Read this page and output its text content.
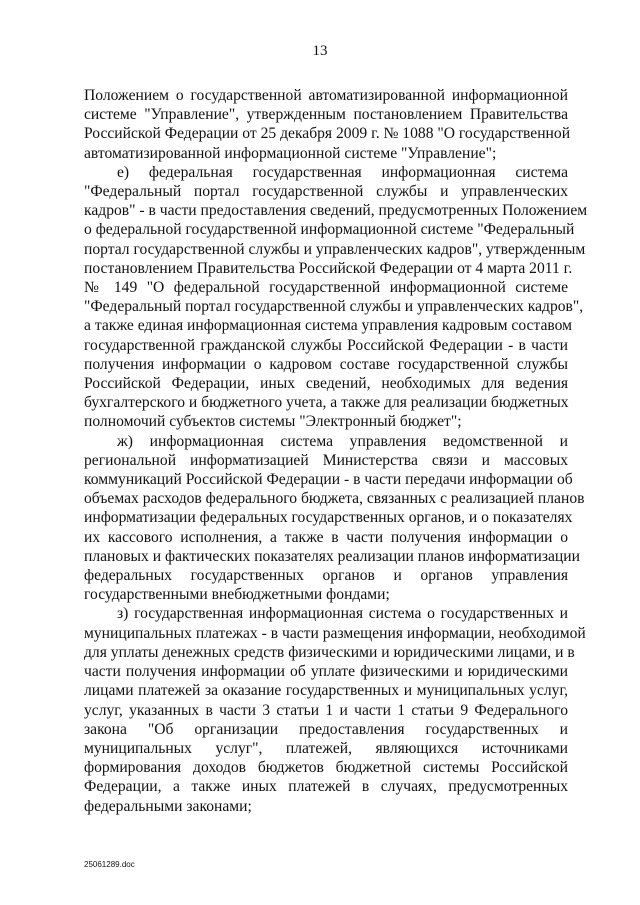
13
Положением о государственной автоматизированной информационной
системе "Управление", утвержденным постановлением Правительства
Российской Федерации от 25 декабря 2009 г. № 1088 "О государственной
автоматизированной информационной системе "Управление";
е) федеральная государственная информационная система
"Федеральный портал государственной службы и управленческих
кадров" - в части предоставления сведений, предусмотренных Положением
о федеральной государственной информационной системе "Федеральный
портал государственной службы и управленческих кадров", утвержденным
постановлением Правительства Российской Федерации от 4 марта 2011 г.
№ 149 "О федеральной государственной информационной системе
"Федеральный портал государственной службы и управленческих кадров",
а также единая информационная система управления кадровым составом
государственной гражданской службы Российской Федерации - в части
получения информации о кадровом составе государственной службы
Российской Федерации, иных сведений, необходимых для ведения
бухгалтерского и бюджетного учета, а также для реализации бюджетных
полномочий субъектов системы "Электронный бюджет";
ж) информационная система управления ведомственной и
региональной информатизацией Министерства связи и массовых
коммуникаций Российской Федерации - в части передачи информации об
объемах расходов федерального бюджета, связанных с реализацией планов
информатизации федеральных государственных органов, и о показателях
их кассового исполнения, а также в части получения информации о
плановых и фактических показателях реализации планов информатизации
федеральных государственных органов и органов управления
государственными внебюджетными фондами;
з) государственная информационная система о государственных и
муниципальных платежах - в части размещения информации, необходимой
для уплаты денежных средств физическими и юридическими лицами, и в
части получения информации об уплате физическими и юридическими
лицами платежей за оказание государственных и муниципальных услуг,
услуг, указанных в части 3 статьи 1 и части 1 статьи 9 Федерального
закона "Об организации предоставления государственных и
муниципальных услуг", платежей, являющихся источниками
формирования доходов бюджетов бюджетной системы Российской
Федерации, а также иных платежей в случаях, предусмотренных
федеральными законами;
25061289.doc
